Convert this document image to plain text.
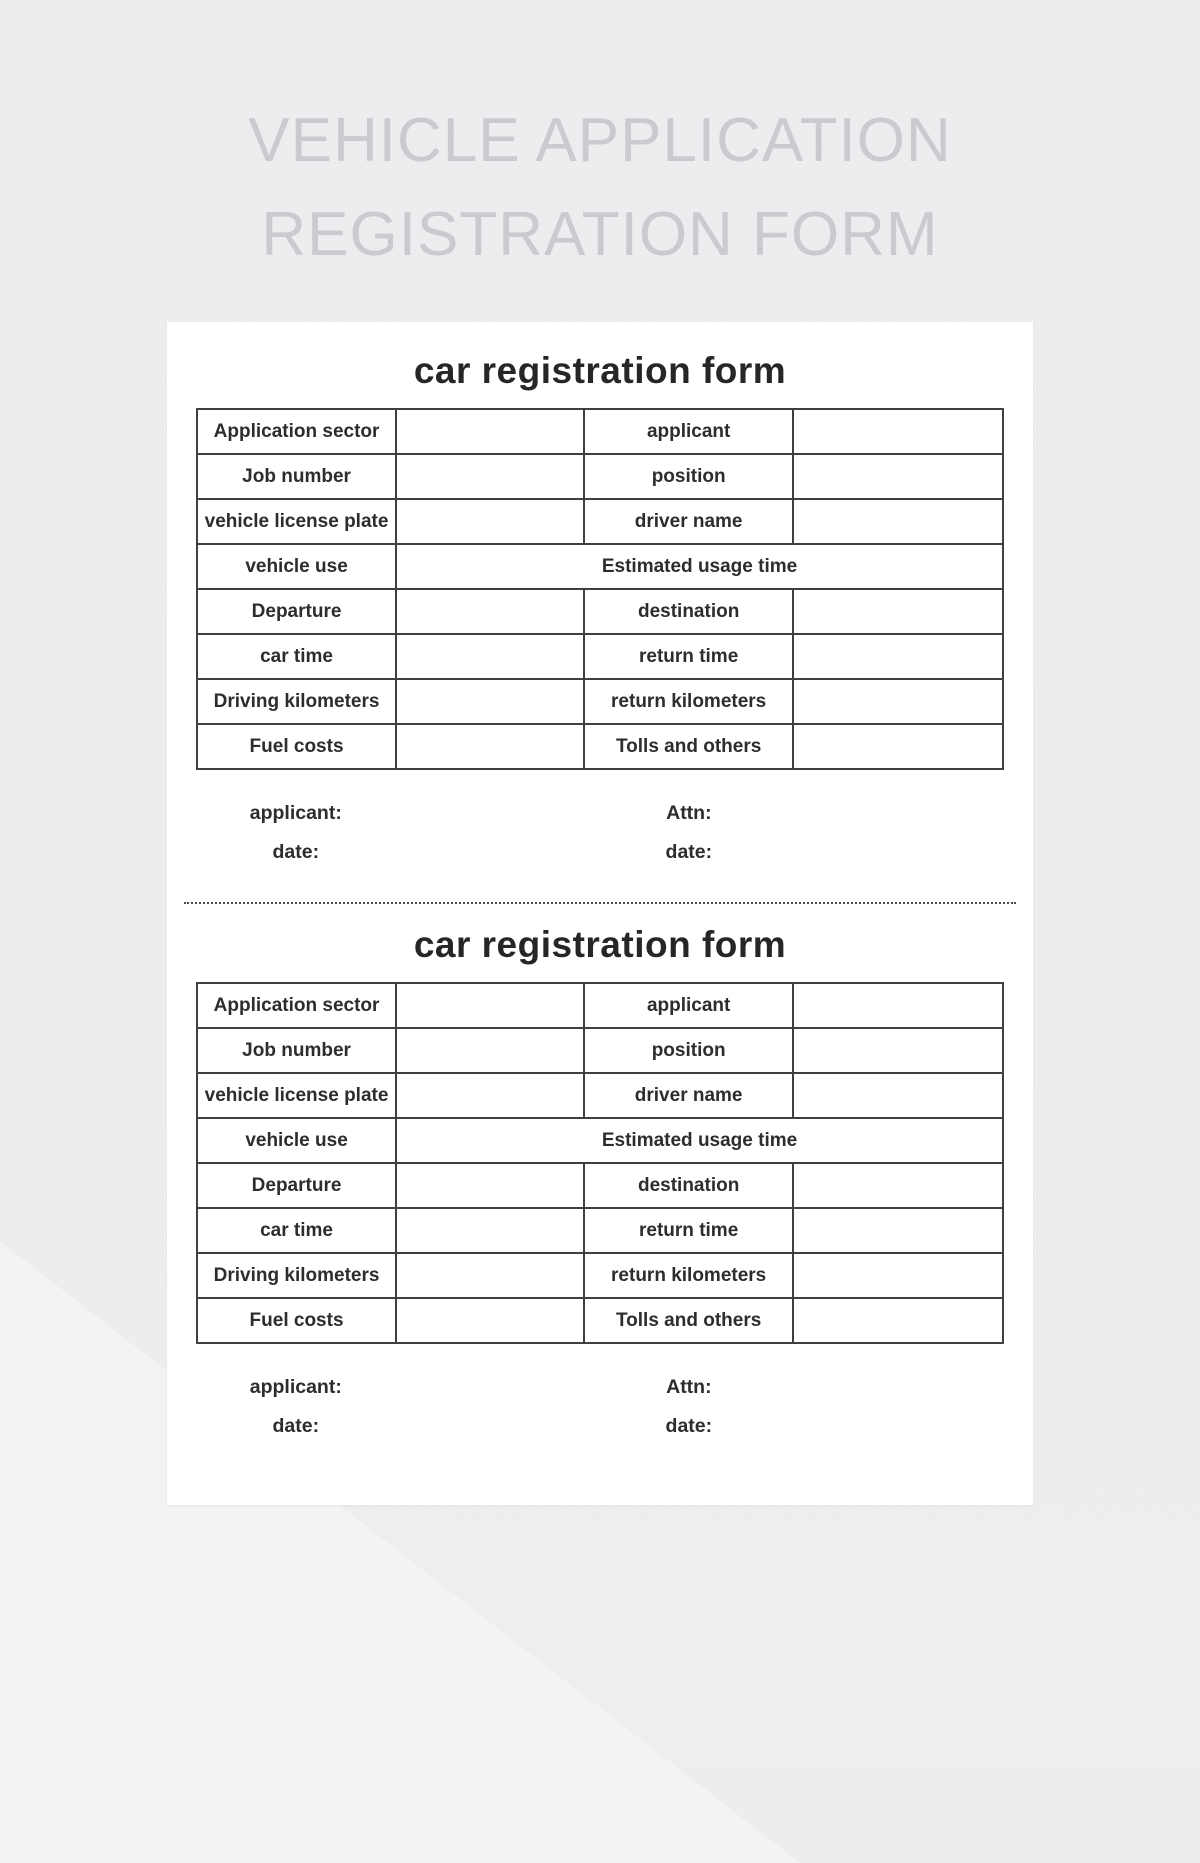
VEHICLE APPLICATION
REGISTRATION FORM
car registration form
Application sector		applicant	
Job number		position	
vehicle license plate		driver name	
vehicle use	Estimated usage time		
Departure		destination	
car time		return time	
Driving kilometers		return kilometers	
Fuel costs		Tolls and others	
applicant:
date:
Attn:
date:
car registration form
Application sector		applicant	
Job number		position	
vehicle license plate		driver name	
vehicle use	Estimated usage time		
Departure		destination	
car time		return time	
Driving kilometers		return kilometers	
Fuel costs		Tolls and others	
applicant:
date:
Attn:
date:
